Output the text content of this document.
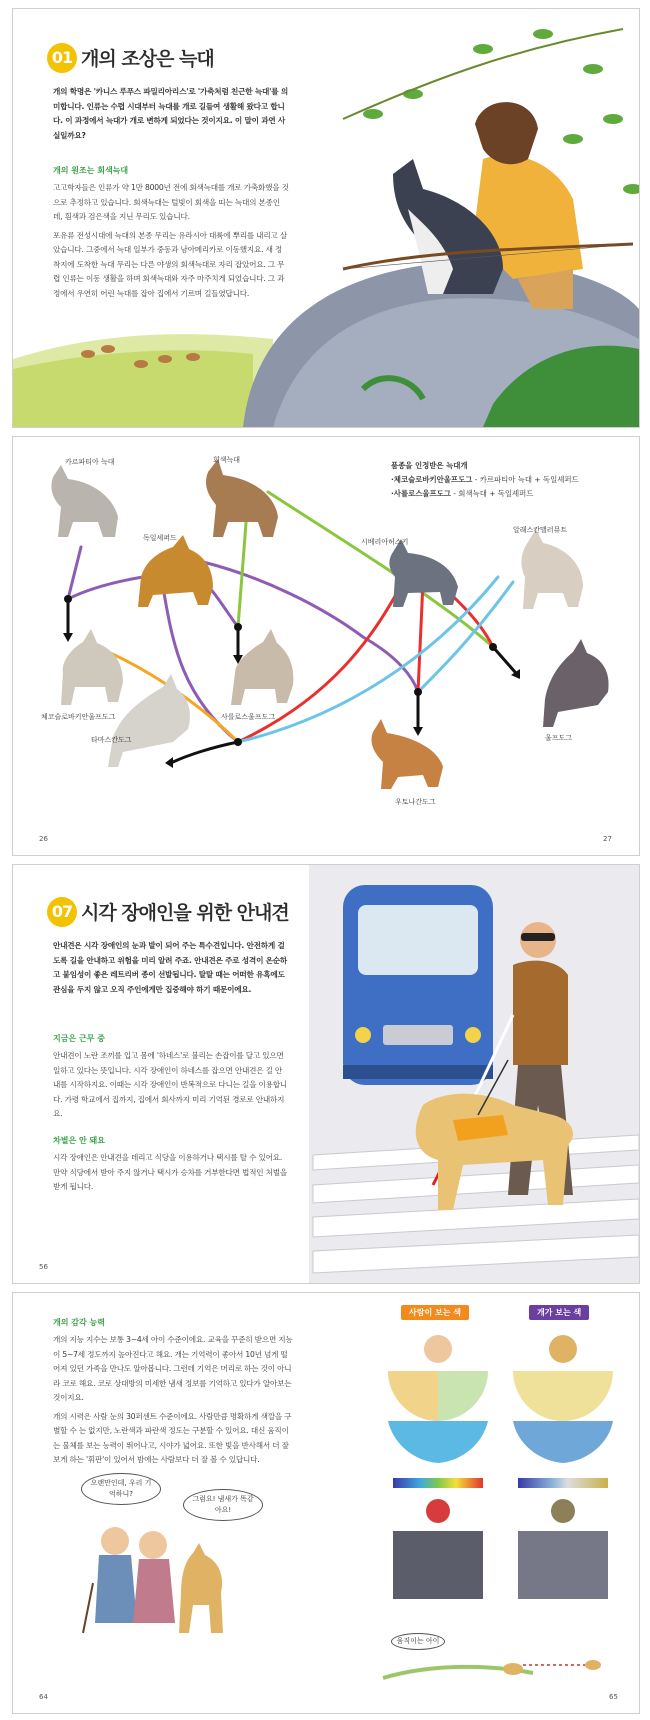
01 개의 조상은 늑대
개의 학명은 '카니스 루푸스 파밀리아리스'로 '가축처럼 친근한 늑대'를 의미합니다. 인류는 수렵 시대부터 늑대를 개로 길들여 생활해 왔다고 합니다. 이 과정에서 늑대가 개로 변하게 되었다는 것이지요. 이 말이 과연 사실일까요?
개의 원조는 회색늑대

고고학자들은 인류가 약 1만 8000년 전에 회색늑대를 개로 가축화했을 것으로 추정하고 있습니다. 회색늑대는 털빛이 회색을 띠는 늑대의 본종인데, 흰색과 검은색을 지닌 무리도 있습니다.

포유류 전성시대에 늑대의 본종 무리는 유라시아 대륙에 뿌리를 내리고 살았습니다. 그중에서 늑대 일부가 중동과 남아메리카로 이동했지요. 새 정착지에 도착한 늑대 무리는 다른 야생의 회색늑대로 자리 잡았어요. 그 무렵 인류는 이동 생활을 하며 회색늑대와 자주 마주치게 되었습니다. 그 과정에서 우연히 어린 늑대를 잡아 집에서 기르며 길들였답니다.

카르파티아 늑대	회색늑대
독일셰퍼드	시베리아허스키
알래스칸맬러뮤트
체코슬로바키안울프도그	사를로스울프도그
타마스칸도그	울프도그
우토나간도그
품종을 인정받은 늑대개
·체코슬로바키안울프도그 - 카르파티아 늑대 + 독일셰퍼드
·사를로스울프도그 - 회색늑대 + 독일셰퍼드
26	27
07 시각 장애인을 위한 안내견
안내견은 시각 장애인의 눈과 발이 되어 주는 특수견입니다. 안전하게 걸도록 길을 안내하고 위험을 미리 알려 주죠. 안내견은 주로 성격이 온순하고 붙임성이 좋은 레트리버 종이 선발됩니다. 탈탈 때는 어떠한 유혹에도 관심을 두지 않고 오직 주인에게만 집중해야 하기 때문이에요.
지금은 근무 중
안내견이 노란 조끼를 입고 몸에 '하네스'로 불리는 손잡이를 달고 있으면 일하고 있다는 뜻입니다. 시각 장애인이 하네스를 잡으면 안내견은 길 안내를 시작하지요. 이때는 시각 장애인이 반복적으로 다니는 길을 이용합니다. 가령 학교에서 집까지, 집에서 회사까지 미리 기억된 경로로 안내하지요.
차별은 안 돼요
시각 장애인은 안내견을 데리고 식당을 이용하거나 택시를 탈 수 있어요. 만약 식당에서 받아 주지 않거나 택시가 승차를 거부한다면 법적인 처벌을 받게 됩니다.
56
개의 감각 능력

개의 지능 지수는 보통 3~4세 아이 수준이에요. 교육을 꾸준히 받으면 지능이 5~7세 정도까지 높아진다고 해요. 개는 기억력이 좋아서 10년 넘게 떨어져 있던 가족을 만나도 알아봅니다. 그런데 기억은 머리로 하는 것이 아니라 코로 해요. 코로 상대방의 미세한 냄새 정보를 기억하고 있다가 알아보는 것이지요.

개의 시력은 사람 눈의 30퍼센트 수준이에요. 사람만큼 명확하게 색깔을 구별할 수 는 없지만, 노란색과 파란색 정도는 구분할 수 있어요. 대신 움직이는 물체를 보는 능력이 뛰어나고, 시야가 넓어요. 또한 빛을 반사해서 더 잘 보게 하는 '휘판'이 있어서 밤에는 사람보다 더 잘 볼 수 있답니다.

사람이 보는 색	개가 보는 색
오랜만인데, 우리 기억하니?
그럼요! 냄새가 똑같아요!
움직이는 아이
64	65
